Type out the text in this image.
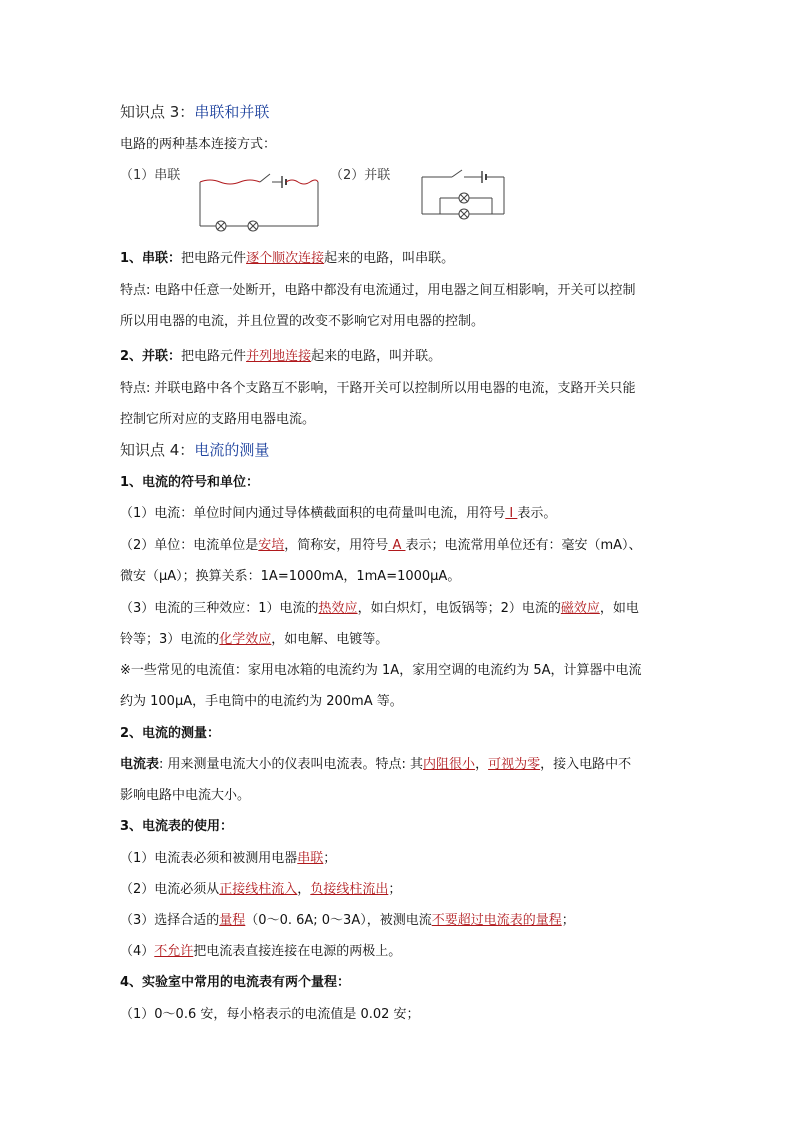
知识点 3：串联和并联
电路的两种基本连接方式：
（1）串联	（2）并联
1、串联：把电路元件逐个顺次连接起来的电路，叫串联。
特点: 电路中任意一处断开，电路中都没有电流通过，用电器之间互相影响，开关可以控制
所以用电器的电流，并且位置的改变不影响它对用电器的控制。
2、并联：把电路元件并列地连接起来的电路，叫并联。
特点: 并联电路中各个支路互不影响，干路开关可以控制所以用电器的电流，支路开关只能
控制它所对应的支路用电器电流。
知识点 4：电流的测量
1、电流的符号和单位：
（1）电流：单位时间内通过导体横截面积的电荷量叫电流，用符号 I 表示。
（2）单位：电流单位是安培，简称安，用符号 A 表示；电流常用单位还有：毫安（mA）、
微安（μA）；换算关系：1A=1000mA，1mA=1000μA。
（3）电流的三种效应：1）电流的热效应，如白炽灯，电饭锅等；2）电流的磁效应，如电
铃等；3）电流的化学效应，如电解、电镀等。
※一些常见的电流值：家用电冰箱的电流约为 1A，家用空调的电流约为 5A，计算器中电流
约为 100μA，手电筒中的电流约为 200mA 等。
2、电流的测量：
电流表: 用来测量电流大小的仪表叫电流表。特点: 其内阻很小，可视为零，接入电路中不
影响电路中电流大小。
3、电流表的使用：
（1）电流表必须和被测用电器串联；
（2）电流必须从正接线柱流入，负接线柱流出；
（3）选择合适的量程（0～0. 6A; 0～3A），被测电流不要超过电流表的量程；
（4）不允许把电流表直接连接在电源的两极上。
4、实验室中常用的电流表有两个量程：
（1）0～0.6 安，每小格表示的电流值是 0.02 安；
